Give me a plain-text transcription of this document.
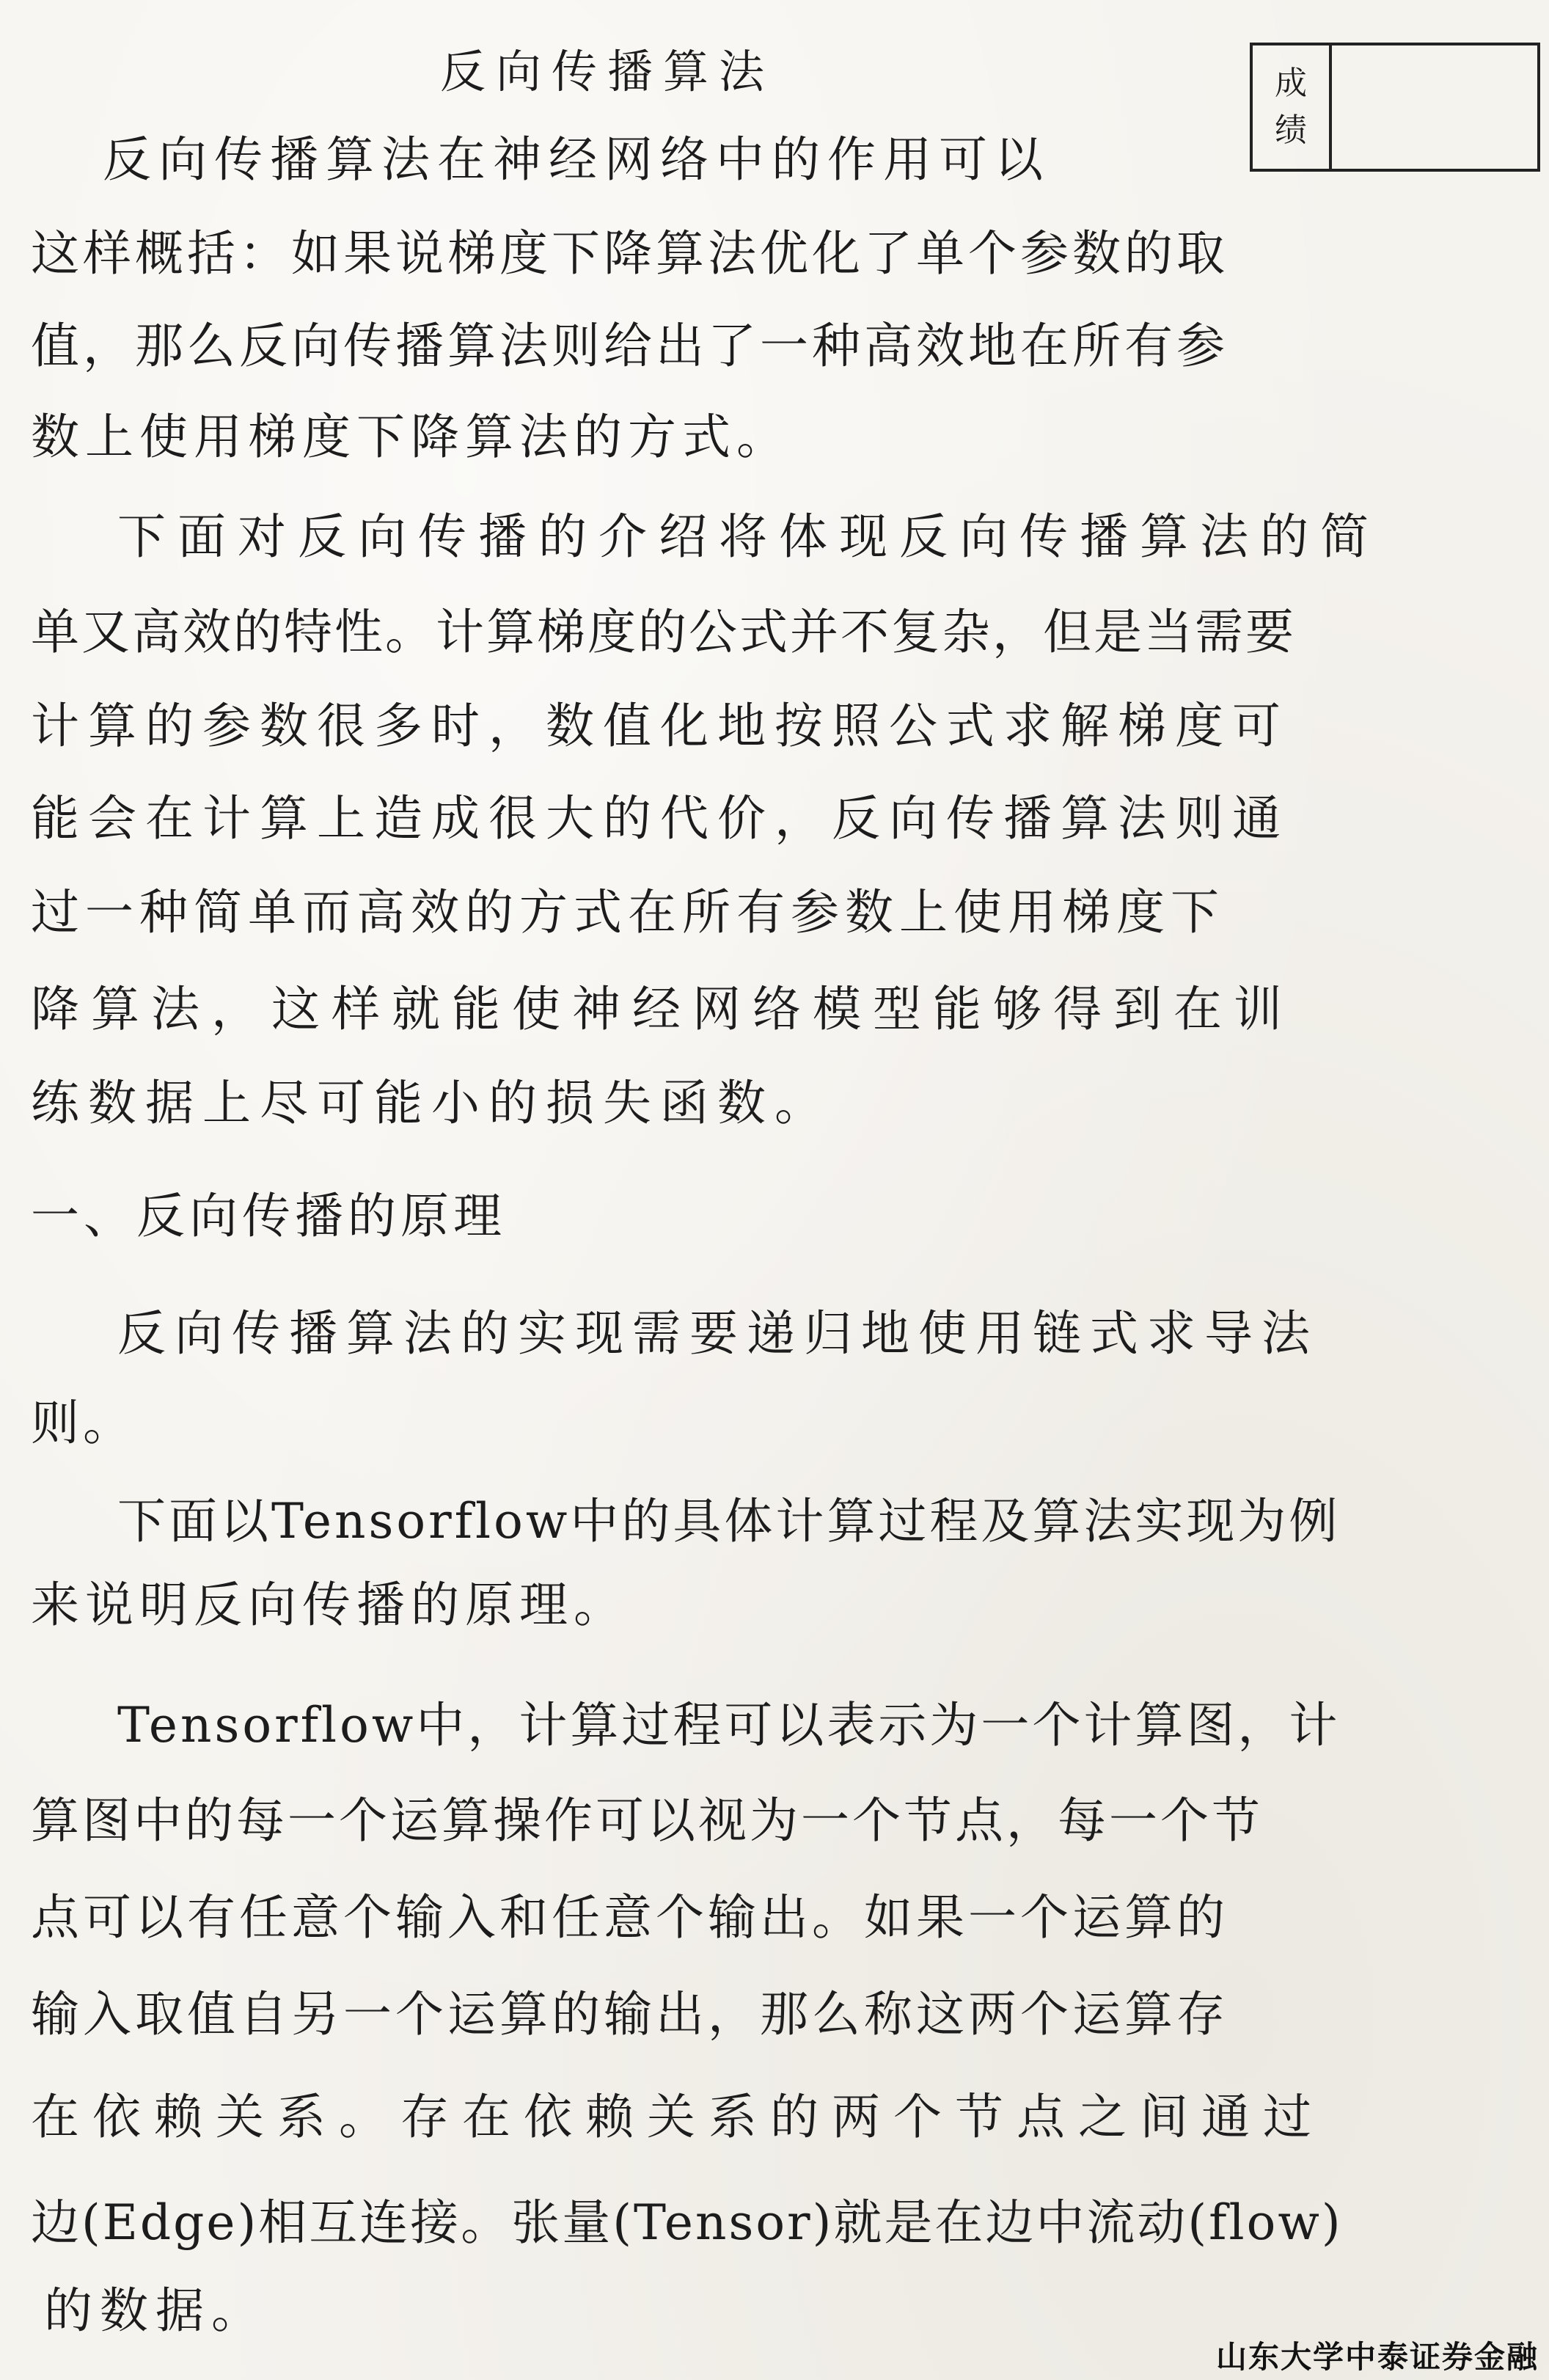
反向传播算法	成
绩
反向传播算法在神经网络中的作用可以
这样概括：如果说梯度下降算法优化了单个参数的取
值，那么反向传播算法则给出了一种高效地在所有参
数上使用梯度下降算法的方式。
下面对反向传播的介绍将体现反向传播算法的简
单又高效的特性。计算梯度的公式并不复杂，但是当需要
计算的参数很多时，数值化地按照公式求解梯度可
能会在计算上造成很大的代价，反向传播算法则通
过一种简单而高效的方式在所有参数上使用梯度下
降算法，这样就能使神经网络模型能够得到在训
练数据上尽可能小的损失函数。
一、反向传播的原理
反向传播算法的实现需要递归地使用链式求导法
则。
下面以Tensorflow中的具体计算过程及算法实现为例
来说明反向传播的原理。
Tensorflow中，计算过程可以表示为一个计算图，计
算图中的每一个运算操作可以视为一个节点，每一个节
点可以有任意个输入和任意个输出。如果一个运算的
输入取值自另一个运算的输出，那么称这两个运算存
在依赖关系。存在依赖关系的两个节点之间通过
边(Edge)相互连接。张量(Tensor)就是在边中流动(flow)
的数据。
山东大学中泰证券金融
